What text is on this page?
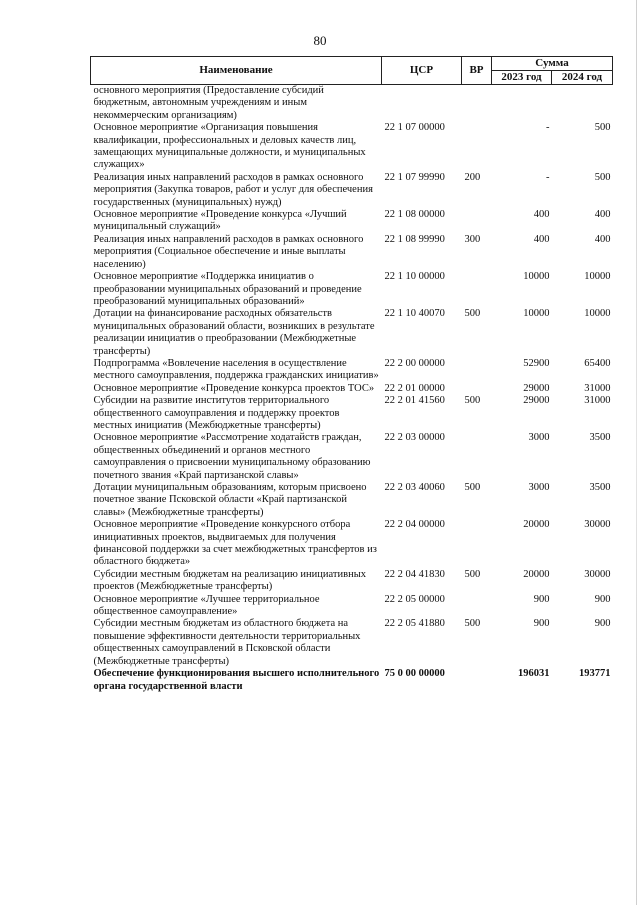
80
Наименование	ЦСР	ВР	Сумма	
			2023 год	2024 год
основного мероприятия (Предоставление субсидий бюджетным, автономным учреждениям и иным некоммерческим организациям)				
Основное мероприятие «Организация повышения квалификации, профессиональных и деловых качеств лиц, замещающих муниципальные должности, и муниципальных служащих»	22 1 07 00000		-	500
Реализация иных направлений расходов в рамках основного мероприятия (Закупка товаров, работ и услуг для обеспечения государственных (муниципальных) нужд)	22 1 07 99990	200	-	500
Основное мероприятие «Проведение конкурса «Лучший муниципальный служащий»	22 1 08 00000		400	400
Реализация иных направлений расходов в рамках основного мероприятия (Социальное обеспечение и иные выплаты населению)	22 1 08 99990	300	400	400
Основное мероприятие «Поддержка инициатив о преобразовании муниципальных образований и проведение преобразований муниципальных образований»	22 1 10 00000		10000	10000
Дотации на финансирование расходных обязательств муниципальных образований области, возникших в результате реализации инициатив о преобразовании (Межбюджетные трансферты)	22 1 10 40070	500	10000	10000
Подпрограмма «Вовлечение населения в осуществление местного самоуправления, поддержка гражданских инициатив»	22 2 00 00000		52900	65400
Основное мероприятие «Проведение конкурса проектов ТОС»	22 2 01 00000		29000	31000
Субсидии на развитие институтов территориального общественного самоуправления и поддержку проектов местных инициатив (Межбюджетные трансферты)	22 2 01 41560	500	29000	31000
Основное мероприятие «Рассмотрение ходатайств граждан, общественных объединений и органов местного самоуправления о присвоении муниципальному образованию почетного звания «Край партизанской славы»	22 2 03 00000		3000	3500
Дотации муниципальным образованиям, которым присвоено почетное звание Псковской области «Край партизанской славы» (Межбюджетные трансферты)	22 2 03 40060	500	3000	3500
Основное мероприятие «Проведение конкурсного отбора инициативных проектов, выдвигаемых для получения финансовой поддержки за счет межбюджетных трансфертов из областного бюджета»	22 2 04 00000		20000	30000
Субсидии местным бюджетам на реализацию инициативных проектов (Межбюджетные трансферты)	22 2 04 41830	500	20000	30000
Основное мероприятие «Лучшее территориальное общественное самоуправление»	22 2 05 00000		900	900
Субсидии местным бюджетам из областного бюджета на повышение эффективности деятельности территориальных общественных самоуправлений в Псковской области (Межбюджетные трансферты)	22 2 05 41880	500	900	900
Обеспечение функционирования высшего исполнительного органа государственной власти	75 0 00 00000		196031	193771
